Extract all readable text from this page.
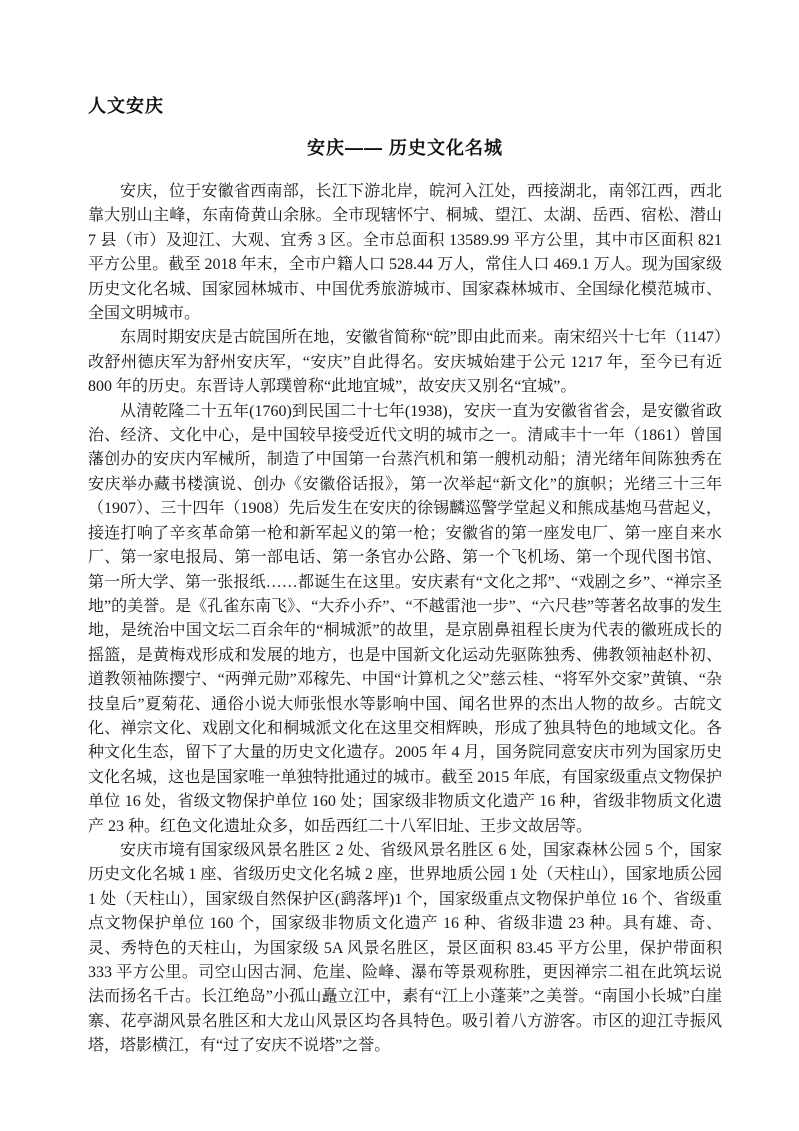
人文安庆
安庆—— 历史文化名城

安庆，位于安徽省西南部，长江下游北岸，皖河入江处，西接湖北，南邻江西，西北靠大别山主峰，东南倚黄山余脉。全市现辖怀宁、桐城、望江、太湖、岳西、宿松、潜山 7 县（市）及迎江、大观、宜秀 3 区。全市总面积 13589.99 平方公里，其中市区面积 821 平方公里。截至 2018 年末，全市户籍人口 528.44 万人，常住人口 469.1 万人。现为国家级历史文化名城、国家园林城市、中国优秀旅游城市、国家森林城市、全国绿化模范城市、全国文明城市。

东周时期安庆是古皖国所在地，安徽省简称“皖”即由此而来。南宋绍兴十七年（1147）改舒州德庆军为舒州安庆军，“安庆”自此得名。安庆城始建于公元 1217 年，至今已有近 800 年的历史。东晋诗人郭璞曾称“此地宜城”，故安庆又别名“宜城”。

从清乾隆二十五年(1760)到民国二十七年(1938)，安庆一直为安徽省省会，是安徽省政治、经济、文化中心，是中国较早接受近代文明的城市之一。清咸丰十一年（1861）曾国藩创办的安庆内军械所，制造了中国第一台蒸汽机和第一艘机动船；清光绪年间陈独秀在安庆举办藏书楼演说、创办《安徽俗话报》，第一次举起“新文化”的旗帜；光绪三十三年（1907）、三十四年（1908）先后发生在安庆的徐锡麟巡警学堂起义和熊成基炮马营起义，接连打响了辛亥革命第一枪和新军起义的第一枪；安徽省的第一座发电厂、第一座自来水厂、第一家电报局、第一部电话、第一条官办公路、第一个飞机场、第一个现代图书馆、第一所大学、第一张报纸……都诞生在这里。安庆素有“文化之邦”、“戏剧之乡”、“禅宗圣地”的美誉。是《孔雀东南飞》、“大乔小乔”、“不越雷池一步”、“六尺巷”等著名故事的发生地，是统治中国文坛二百余年的“桐城派”的故里，是京剧鼻祖程长庚为代表的徽班成长的摇篮，是黄梅戏形成和发展的地方，也是中国新文化运动先驱陈独秀、佛教领袖赵朴初、道教领袖陈撄宁、“两弹元勋”邓稼先、中国“计算机之父”慈云桂、“将军外交家”黄镇、“杂技皇后”夏菊花、通俗小说大师张恨水等影响中国、闻名世界的杰出人物的故乡。古皖文化、禅宗文化、戏剧文化和桐城派文化在这里交相辉映，形成了独具特色的地域文化。各种文化生态，留下了大量的历史文化遗存。2005 年 4 月，国务院同意安庆市列为国家历史文化名城，这也是国家唯一单独特批通过的城市。截至 2015 年底，有国家级重点文物保护单位 16 处，省级文物保护单位 160 处；国家级非物质文化遗产 16 种，省级非物质文化遗产 23 种。红色文化遗址众多，如岳西红二十八军旧址、王步文故居等。

安庆市境有国家级风景名胜区 2 处、省级风景名胜区 6 处，国家森林公园 5 个，国家历史文化名城 1 座、省级历史文化名城 2 座，世界地质公园 1 处（天柱山），国家地质公园 1 处（天柱山），国家级自然保护区(鹞落坪)1 个，国家级重点文物保护单位 16 个、省级重点文物保护单位 160 个，国家级非物质文化遗产 16 种、省级非遗 23 种。具有雄、奇、灵、秀特色的天柱山，为国家级 5A 风景名胜区，景区面积 83.45 平方公里，保护带面积 333 平方公里。司空山因古洞、危崖、险峰、瀑布等景观称胜，更因禅宗二祖在此筑坛说法而扬名千古。长江绝岛”小孤山矗立江中，素有“江上小蓬莱”之美誉。“南国小长城”白崖寨、花亭湖风景名胜区和大龙山风景区均各具特色。吸引着八方游客。市区的迎江寺振风塔，塔影横江，有“过了安庆不说塔”之誉。
